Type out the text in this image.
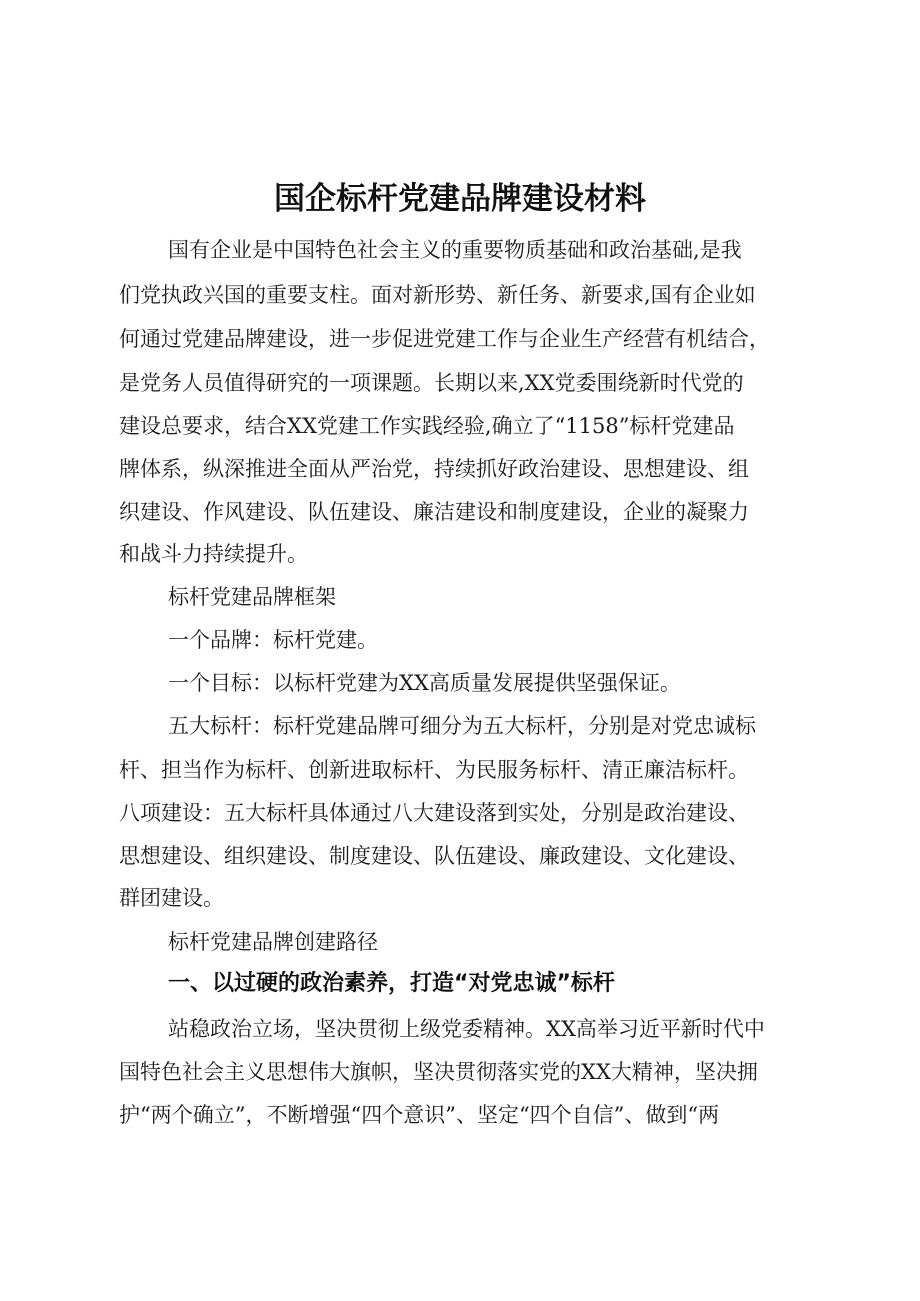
国企标杆党建品牌建设材料

国有企业是中国特色社会主义的重要物质基础和政治基础,是我

们党执政兴国的重要支柱。面对新形势、新任务、新要求,国有企业如

何通过党建品牌建设，进一步促进党建工作与企业生产经营有机结合，

是党务人员值得研究的一项课题。长期以来,XX党委围绕新时代党的

建设总要求，结合XX党建工作实践经验,确立了“1158”标杆党建品

牌体系，纵深推进全面从严治党，持续抓好政治建设、思想建设、组

织建设、作风建设、队伍建设、廉洁建设和制度建设，企业的凝聚力

和战斗力持续提升。

标杆党建品牌框架

一个品牌：标杆党建。

一个目标：以标杆党建为XX高质量发展提供坚强保证。

五大标杆：标杆党建品牌可细分为五大标杆，分别是对党忠诚标

杆、担当作为标杆、创新进取标杆、为民服务标杆、清正廉洁标杆。

八项建设：五大标杆具体通过八大建设落到实处，分别是政治建设、

思想建设、组织建设、制度建设、队伍建设、廉政建设、文化建设、

群团建设。

标杆党建品牌创建路径

一、以过硬的政治素养，打造“对党忠诚”标杆

站稳政治立场，坚决贯彻上级党委精神。XX高举习近平新时代中

国特色社会主义思想伟大旗帜，坚决贯彻落实党的XX大精神，坚决拥

护“两个确立”，不断增强“四个意识”、坚定“四个自信”、做到“两
